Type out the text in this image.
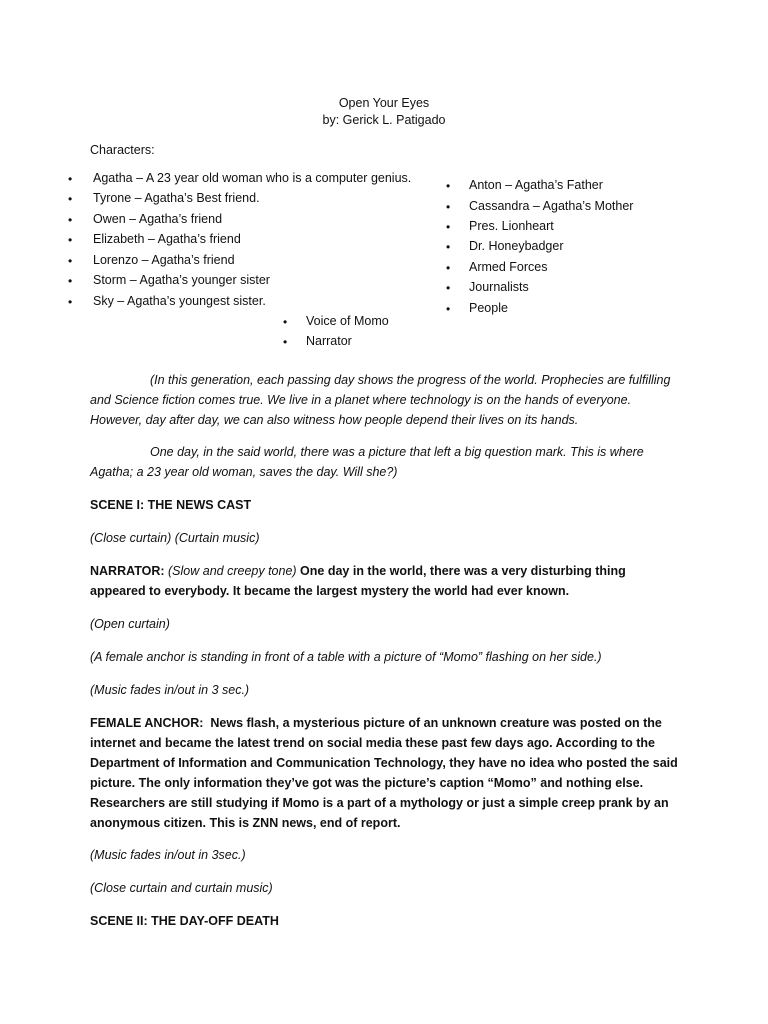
Open Your Eyes
by: Gerick L. Patigado
Characters:
• Agatha – A 23 year old woman who is a computer genius.
• Tyrone – Agatha’s Best friend.
• Owen – Agatha’s friend
• Elizabeth – Agatha’s friend
• Lorenzo – Agatha’s friend
• Storm – Agatha’s younger sister
• Sky – Agatha’s youngest sister.
• Voice of Momo
• Narrator
• Anton – Agatha’s Father
• Cassandra – Agatha’s Mother
• Pres. Lionheart
• Dr. Honeybadger
• Armed Forces
• Journalists
• People
(In this generation, each passing day shows the progress of the world. Prophecies are fulfilling and Science fiction comes true. We live in a planet where technology is on the hands of everyone. However, day after day, we can also witness how people depend their lives on its hands.
One day, in the said world, there was a picture that left a big question mark. This is where Agatha; a 23 year old woman, saves the day. Will she?)
SCENE I: THE NEWS CAST
(Close curtain) (Curtain music)
NARRATOR: (Slow and creepy tone) One day in the world, there was a very disturbing thing appeared to everybody. It became the largest mystery the world had ever known.
(Open curtain)
(A female anchor is standing in front of a table with a picture of “Momo” flashing on her side.)
(Music fades in/out in 3 sec.)
FEMALE ANCHOR: News flash, a mysterious picture of an unknown creature was posted on the internet and became the latest trend on social media these past few days ago. According to the Department of Information and Communication Technology, they have no idea who posted the said picture. The only information they’ve got was the picture’s caption “Momo” and nothing else. Researchers are still studying if Momo is a part of a mythology or just a simple creep prank by an anonymous citizen. This is ZNN news, end of report.
(Music fades in/out in 3sec.)
(Close curtain and curtain music)
SCENE II: THE DAY-OFF DEATH
